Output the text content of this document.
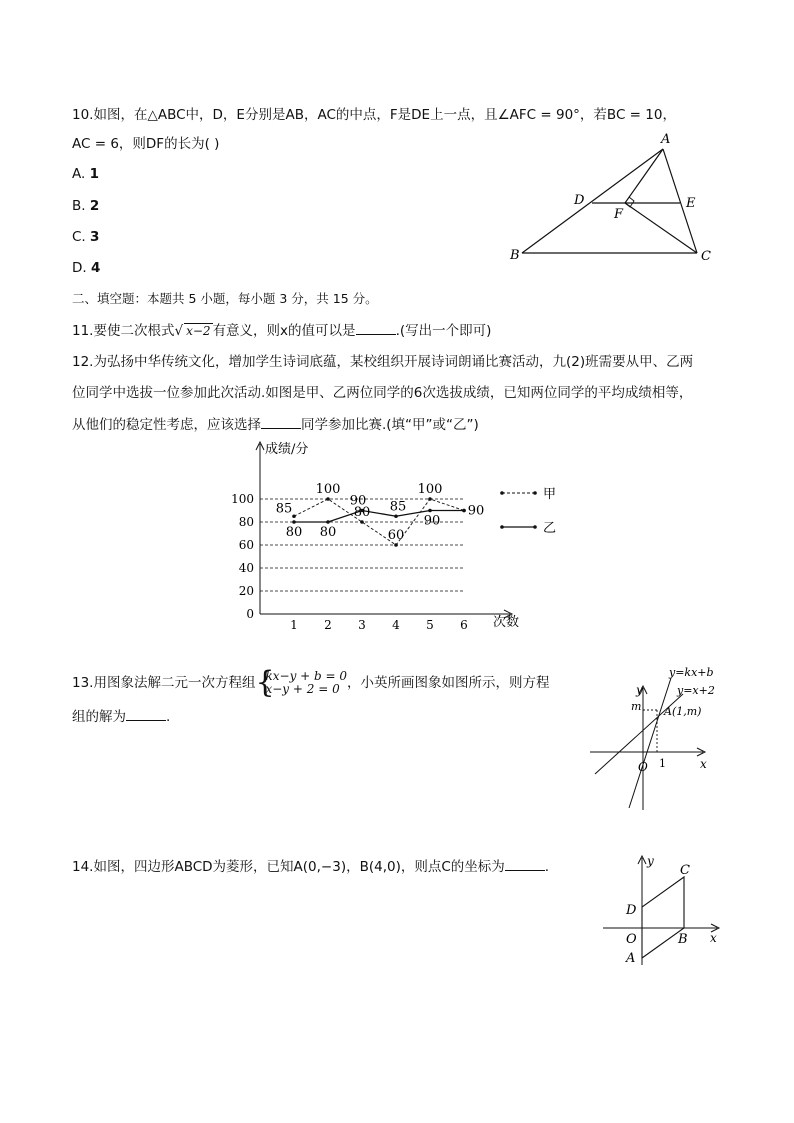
10.如图，在△ABC中，D，E分别是AB，AC的中点，F是DE上一点，且∠AFC = 90°，若BC = 10，
AC = 6，则DF的长为( )
A. 1
B. 2
C. 3
D. 4
A
B	C
D	E
F
二、填空题：本题共 5 小题，每小题 3 分，共 15 分。
11.要使二次根式√ x−2 有意义，则x的值可以是	.(写出一个即可)
12.为弘扬中华传统文化，增加学生诗词底蕴，某校组织开展诗词朗诵比赛活动，九(2)班需要从甲、乙两
位同学中选拔一位参加此次活动.如图是甲、乙两位同学的6次选拔成绩，已知两位同学的平均成绩相等，
从他们的稳定性考虑，应该选择	同学参加比赛.(填“甲”或“乙”)
0
20
40
60
80
100
1 2 3 4 5 6
85
100
80
60
100
80 80
90 85
90
90
成绩/分
次数
甲
乙
13.用图象法解二元一次方程组 {
kx−y + b = 0
x−y + 2 = 0 ，小英所画图象如图所示，则方程
组的解为	.
y=kx+b
y=x+2
A(1,m)
m
y
x
O 1
14.如图，四边形ABCD为菱形，已知A(0,−3)，B(4,0)，则点C的坐标为	.	y
x
C
D
O	B
A
